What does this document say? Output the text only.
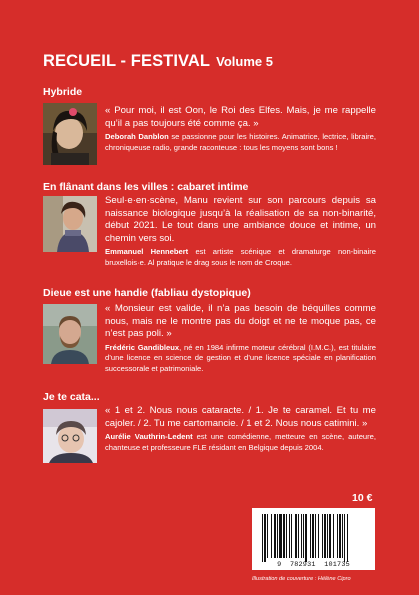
RECUEIL - FESTIVAL Volume 5
Hybride

« Pour moi, il est Oon, le Roi des Elfes. Mais, je me rappelle qu’il a pas toujours été comme ça. »

Deborah Danblon se passionne pour les histoires. Animatrice, lectrice, libraire, chroniqueuse radio, grande raconteuse : tous les moyens sont bons !

En flânant dans les villes : cabaret intime

Seul·e·en·scène, Manu revient sur son parcours depuis sa naissance biologique jusqu’à la réalisation de sa non-binarité, début 2021. Le tout dans une ambiance douce et intime, un chemin vers soi.

Emmanuel Hennebert est artiste scénique et dramaturge non-binaire bruxellois·e. Al pratique le drag sous le nom de Croque.

Dieue est une handie (fabliau dystopique)

« Monsieur est valide, il n’a pas besoin de béquilles comme nous, mais ne le montre pas du doigt et ne te moque pas, ce n’est pas poli. »

Frédéric Gandibleux, né en 1984 infirme moteur cérébral (I.M.C.), est titulaire d’une licence en science de gestion et d’une licence spéciale en planification successorale et patrimoniale.

Je te cata...

« 1 et 2. Nous nous cataracte. / 1. Je te caramel. Et tu me cajoler. / 2. Tu me cartomancie. / 1 et 2. Nous nous catimini. »

Aurélie Vauthrin-Ledent est une comédienne, metteure en scène, auteure, chanteuse et professeure FLE résidant en Belgique depuis 2004.

10 €
9 782931 101735
Illustration de couverture : Hélène Cipro
